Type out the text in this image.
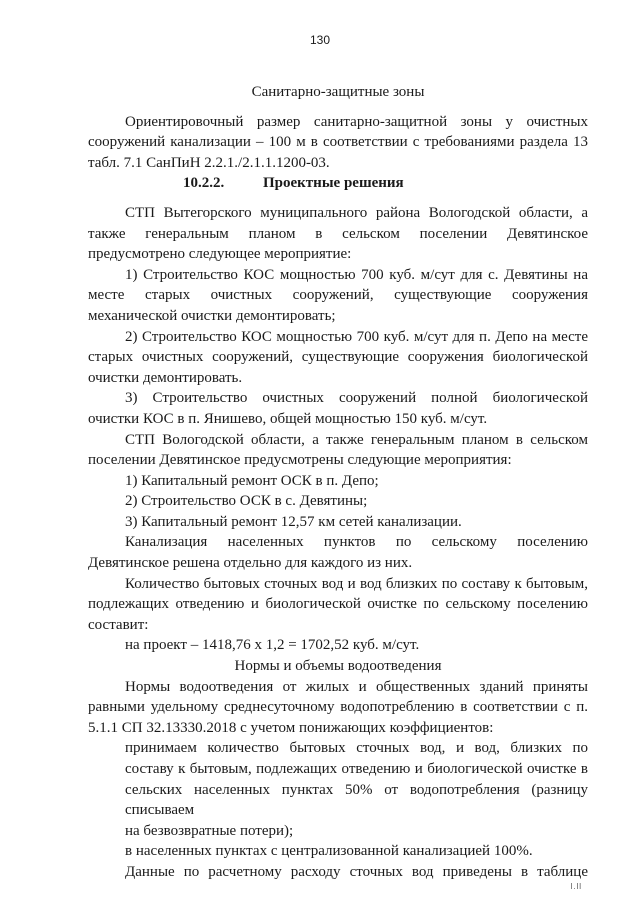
130
Санитарно-защитные зоны
Ориентировочный размер санитарно-защитной зоны у очистных
сооружений канализации – 100 м в соответствии с требованиями раздела 13
табл. 7.1 СанПиН 2.2.1./2.1.1.1200-03.
10.2.2.	Проектные решения
СТП Вытегорского муниципального района Вологодской области, а
также генеральным планом в сельском поселении Девятинское
предусмотрено следующее мероприятие:
1) Строительство КОС мощностью 700 куб. м/сут для с. Девятины на
месте старых очистных сооружений, существующие сооружения
механической очистки демонтировать;
2) Строительство КОС мощностью 700 куб. м/сут для п. Депо на месте
старых очистных сооружений, существующие сооружения биологической
очистки демонтировать.
3) Строительство очистных сооружений полной биологической
очистки КОС в п. Янишево, общей мощностью 150 куб. м/сут.
СТП Вологодской области, а также генеральным планом в сельском
поселении Девятинское предусмотрены следующие мероприятия:
1) Капитальный ремонт ОСК в п. Депо;
2) Строительство ОСК в с. Девятины;
3) Капитальный ремонт 12,57 км сетей канализации.
Канализация населенных пунктов по сельскому поселению
Девятинское решена отдельно для каждого из них.
Количество бытовых сточных вод и вод близких по составу к бытовым,
подлежащих отведению и биологической очистке по сельскому поселению
составит:
на проект – 1418,76 х 1,2 = 1702,52 куб. м/сут.
Нормы и объемы водоотведения
Нормы водоотведения от жилых и общественных зданий приняты
равными удельному среднесуточному водопотреблению в соответствии с п.
5.1.1 СП 32.13330.2018 с учетом понижающих коэффициентов:
принимаем количество бытовых сточных вод, и вод, близких по
составу к бытовым, подлежащих отведению и биологической очистке в
сельских населенных пунктах 50% от водопотребления (разницу списываем
на безвозвратные потери);
в населенных пунктах с централизованной канализацией 100%.
Данные по расчетному расходу сточных вод приведены в таблице
l.ll
